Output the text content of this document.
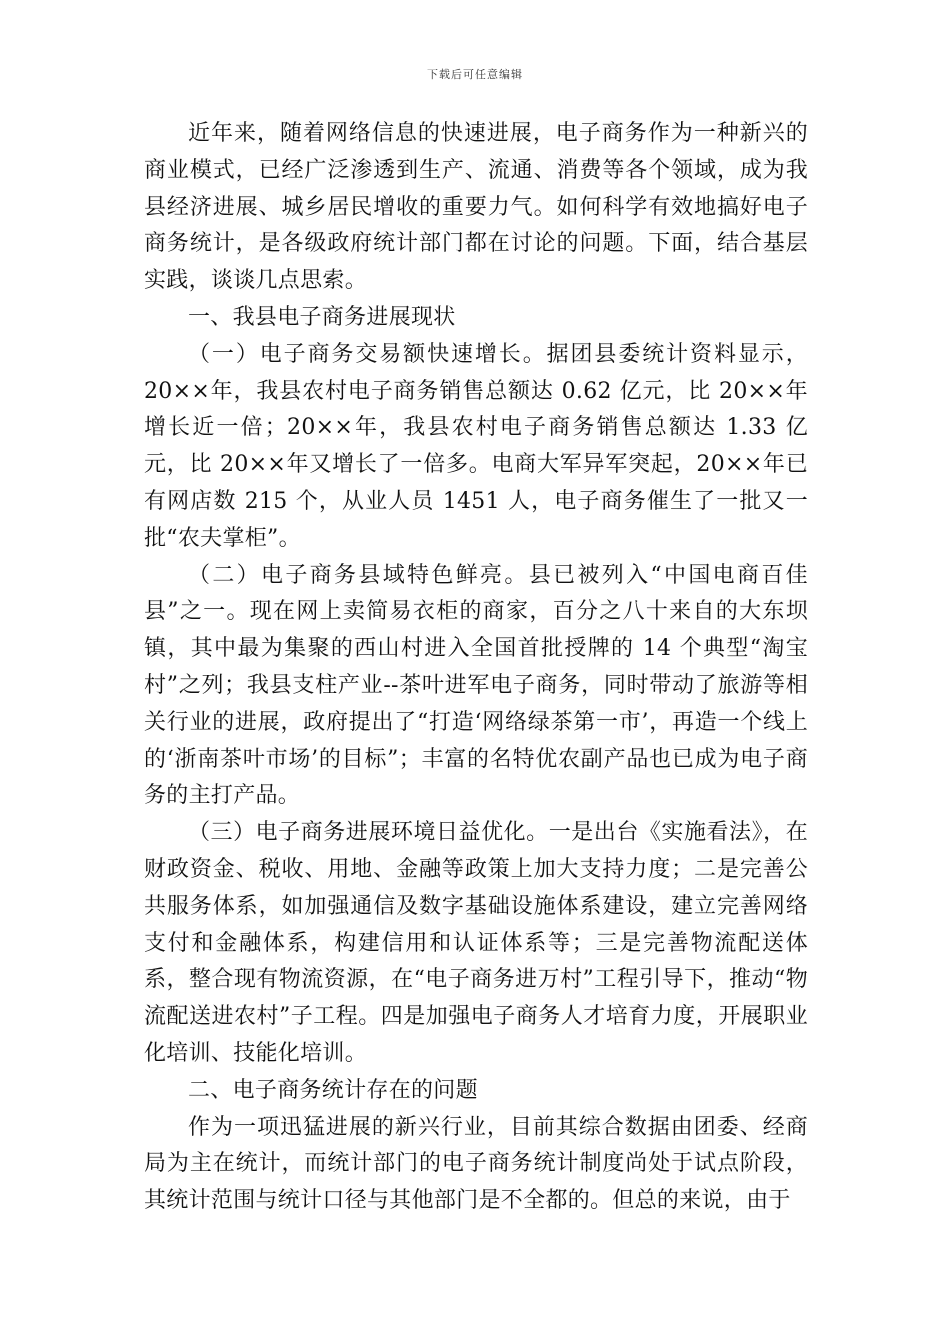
下载后可任意编辑

近年来，随着网络信息的快速进展，电子商务作为一种新兴的商业模式，已经广泛渗透到生产、流通、消费等各个领域，成为我县经济进展、城乡居民增收的重要力气。如何科学有效地搞好电子商务统计，是各级政府统计部门都在讨论的问题。下面，结合基层实践，谈谈几点思索。

一、我县电子商务进展现状

（一）电子商务交易额快速增长。据团县委统计资料显示，20××年，我县农村电子商务销售总额达 0.62 亿元，比 20××年增长近一倍；20××年，我县农村电子商务销售总额达 1.33 亿元，比 20××年又增长了一倍多。电商大军异军突起，20××年已有网店数 215 个，从业人员 1451 人，电子商务催生了一批又一批“农夫掌柜”。

（二）电子商务县域特色鲜亮。县已被列入“中国电商百佳县”之一。现在网上卖简易衣柜的商家，百分之八十来自的大东坝镇，其中最为集聚的西山村进入全国首批授牌的 14 个典型“淘宝村”之列；我县支柱产业--茶叶进军电子商务，同时带动了旅游等相关行业的进展，政府提出了“打造‘网络绿茶第一市’，再造一个线上的‘浙南茶叶市场’的目标”；丰富的名特优农副产品也已成为电子商务的主打产品。

（三）电子商务进展环境日益优化。一是出台《实施看法》，在财政资金、税收、用地、金融等政策上加大支持力度；二是完善公共服务体系，如加强通信及数字基础设施体系建设，建立完善网络支付和金融体系，构建信用和认证体系等；三是完善物流配送体系，整合现有物流资源，在“电子商务进万村”工程引导下，推动“物流配送进农村”子工程。四是加强电子商务人才培育力度，开展职业化培训、技能化培训。

二、电子商务统计存在的问题

作为一项迅猛进展的新兴行业，目前其综合数据由团委、经商局为主在统计，而统计部门的电子商务统计制度尚处于试点阶段，其统计范围与统计口径与其他部门是不全都的。但总的来说，由于
